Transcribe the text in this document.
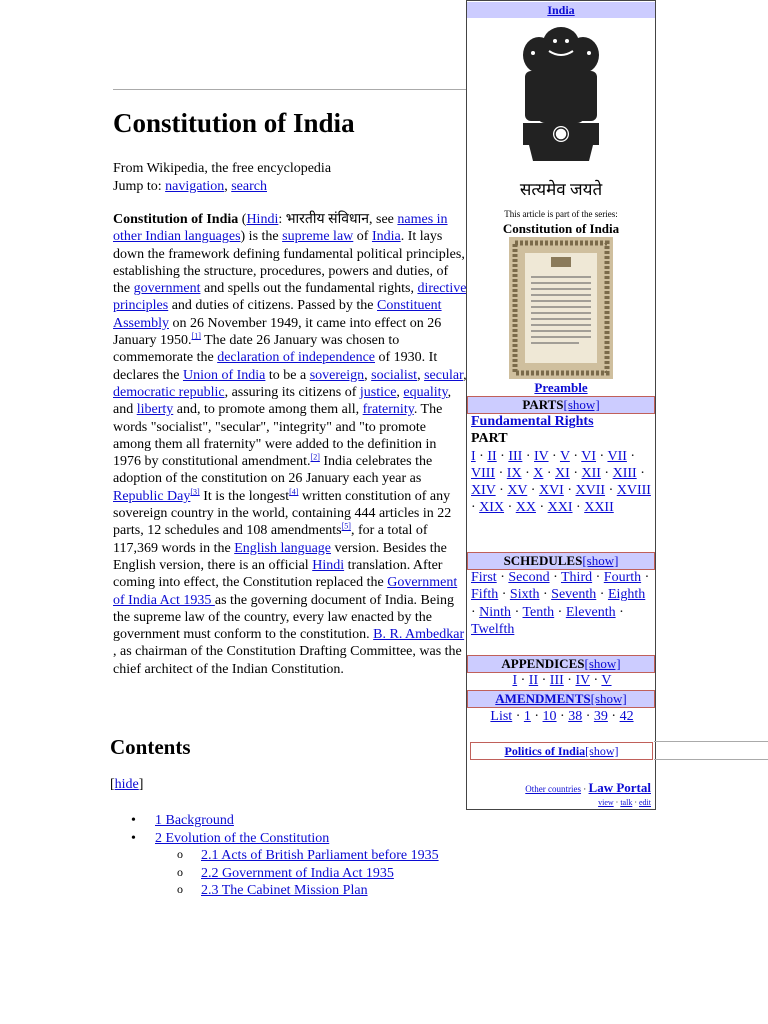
Constitution of India
From Wikipedia, the free encyclopedia
Jump to: navigation, search
Constitution of India (Hindi: भारतीय संविधान, see names in other Indian languages) is the supreme law of India. It lays down the framework defining fundamental political principles, establishing the structure, procedures, powers and duties, of the government and spells out the fundamental rights, directive principles and duties of citizens. Passed by the Constituent Assembly on 26 November 1949, it came into effect on 26 January 1950.[1] The date 26 January was chosen to commemorate the declaration of independence of 1930. It declares the Union of India to be a sovereign, socialist, secular, democratic republic, assuring its citizens of justice, equality, and liberty and, to promote among them all, fraternity. The words "socialist", "secular", "integrity" and "to promote among them all fraternity" were added to the definition in 1976 by constitutional amendment.[2] India celebrates the adoption of the constitution on 26 January each year as Republic Day[3] It is the longest[4] written constitution of any sovereign country in the world, containing 444 articles in 22 parts, 12 schedules and 108 amendments[5], for a total of 117,369 words in the English language version. Besides the English version, there is an official Hindi translation. After coming into effect, the Constitution replaced the Government of India Act 1935 as the governing document of India. Being the supreme law of the country, every law enacted by the government must conform to the constitution. B. R. Ambedkar , as chairman of the Constitution Drafting Committee, was the chief architect of the Indian Constitution.
Contents
[hide]
• 1 Background
• 2 Evolution of the Constitution
o 2.1 Acts of British Parliament before 1935
o 2.2 Government of India Act 1935
o 2.3 The Cabinet Mission Plan
India
सत्यमेव जयते
This article is part of the series:
Constitution of India
Preamble
PARTS[show]
Fundamental Rights
PART
I · II · III · IV · V · VI · VII · VIII · IX · X · XI · XII · XIII · XIV · XV · XVI · XVII · XVIII · XIX · XX · XXI · XXII
SCHEDULES[show]
First · Second · Third · Fourth · Fifth · Sixth · Seventh · Eighth · Ninth · Tenth · Eleventh · Twelfth
APPENDICES[show]
I · II · III · IV · V
AMENDMENTS[show]
List · 1 · 10 · 38 · 39 · 42
Politics of India[show]
Other countries · Law Portal
view · talk · edit
